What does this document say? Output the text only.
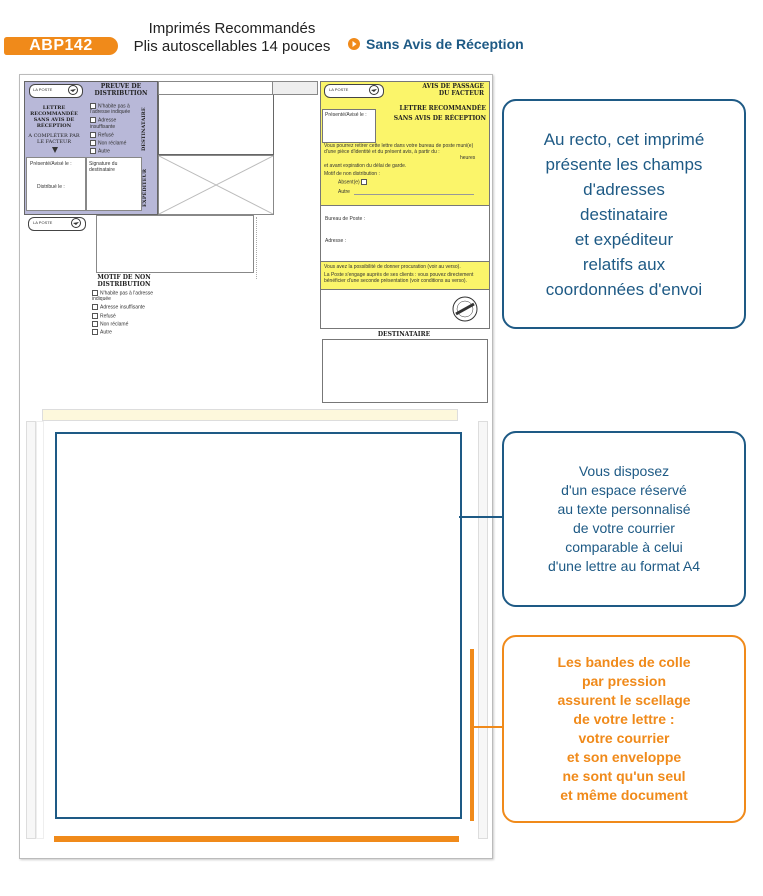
ABP142
Imprimés Recommandés
Plis autoscellables 14 pouces	Sans Avis de Réception
LA POSTE	PREUVE DE DISTRIBUTION
LETTRE RECOMMANDÉE SANS AVIS DE RÉCEPTION
A COMPLÉTER PAR LE FACTEUR
N'habite pas à l'adresse indiquée
Adresse insuffisante
Refusé
Non réclamé
Autre
DESTINATAIRE
Présenté/Avisé le :
Distribué le :
Signature du destinataire	EXPÉDITEUR
LA POSTE
MOTIF DE NON DISTRIBUTION
N'habite pas à l'adresse indiquée
Adresse insuffisante
Refusé
Non réclamé
Autre
LA POSTE	AVIS DE PASSAGE DU FACTEUR
Présenté/Avisé le :
LETTRE RECOMMANDÉE
SANS AVIS DE RÉCEPTION
Vous pourrez retirer cette lettre dans votre bureau de poste muni(e) d'une pièce d'identité et du présent avis, à partir du :
heures
et avant expiration du délai de garde.
Motif de non distribution :
Absent(e)
Autre
Bureau de Poste :
Adresse :
Vous avez la possibilité de donner procuration (voir au verso).
La Poste s'engage auprès de ses clients : vous pouvez directement bénéficier d'une seconde présentation (voir conditions au verso).
DESTINATAIRE
Au recto, cet imprimé
présente les champs
d'adresses
destinataire
et expéditeur
relatifs aux
coordonnées d'envoi
Vous disposez
d'un espace réservé
au texte personnalisé
de votre courrier
comparable à celui
d'une lettre au format A4
Les bandes de colle
par pression
assurent le scellage
de votre lettre :
votre courrier
et son enveloppe
ne sont qu'un seul
et même document
